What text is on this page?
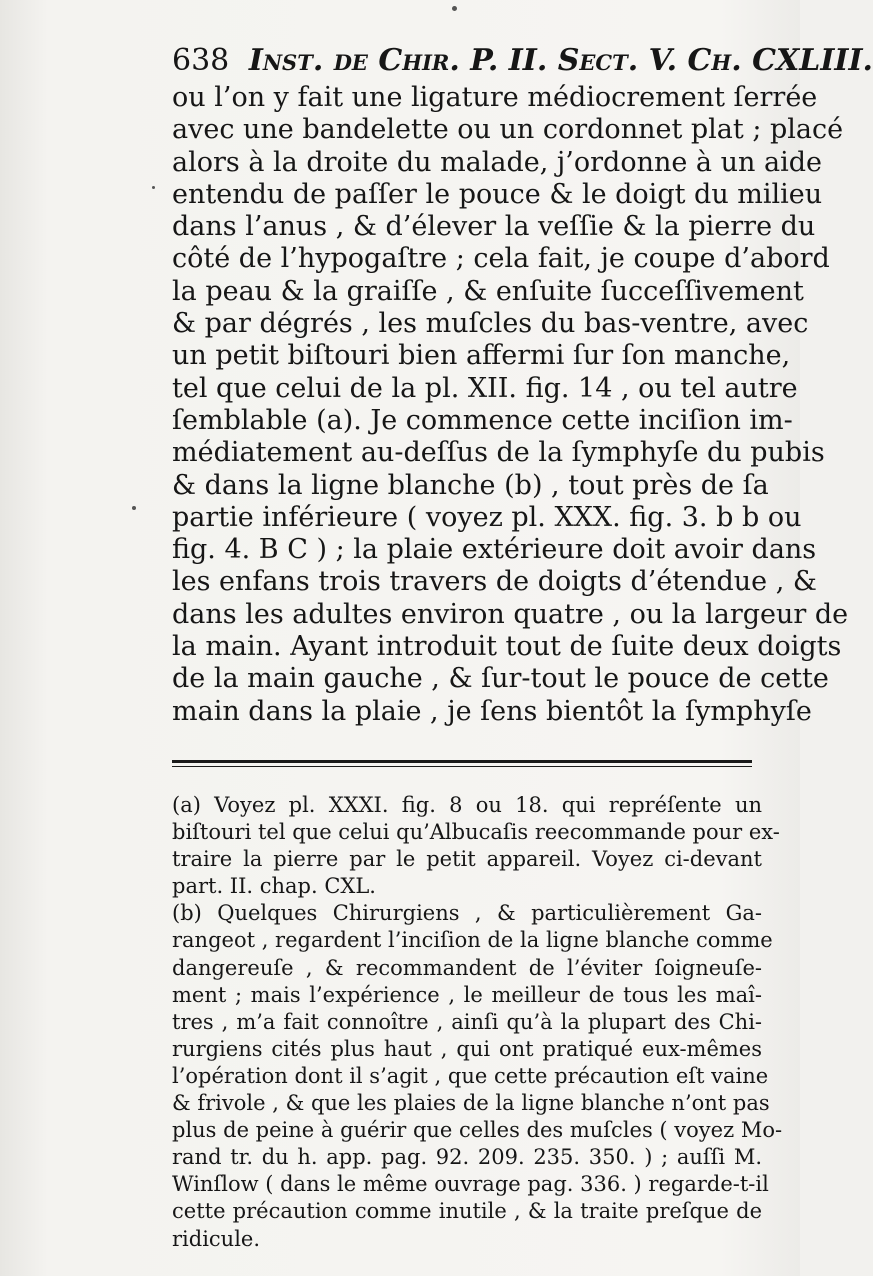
638 Inst. de Chir. P. II. Sect. V. Ch. CXLIII.
ou l’on y fait une ligature médiocrement ſerrée
avec une bandelette ou un cordonnet plat ; placé
alors à la droite du malade, j’ordonne à un aide
entendu de paſſer le pouce & le doigt du milieu
dans l’anus , & d’élever la veſſie & la pierre du
côté de l’hypogaſtre ; cela fait, je coupe d’abord
la peau & la graiſſe , & enſuite ſucceſſivement
& par dégrés , les muſcles du bas-ventre, avec
un petit biſtouri bien affermi ſur ſon manche,
tel que celui de la pl. XII. fig. 14 , ou tel autre
ſemblable (a). Je commence cette inciſion im-
médiatement au-deſſus de la ſymphyſe du pubis
& dans la ligne blanche (b) , tout près de ſa
partie inférieure ( voyez pl. XXX. fig. 3. b b ou
fig. 4. B C ) ; la plaie extérieure doit avoir dans
les enfans trois travers de doigts d’étendue , &
dans les adultes environ quatre , ou la largeur de
la main. Ayant introduit tout de ſuite deux doigts
de la main gauche , & ſur-tout le pouce de cette
main dans la plaie , je ſens bientôt la ſymphyſe
(a) Voyez pl. XXXI. fig. 8 ou 18. qui repréſente un
biſtouri tel que celui qu’Albucaſis reecommande pour ex-
traire la pierre par le petit appareil. Voyez ci-devant
part. II. chap. CXL.
(b) Quelques Chirurgiens , & particulièrement Ga-
rangeot , regardent l’inciſion de la ligne blanche comme
dangereuſe , & recommandent de l’éviter ſoigneuſe-
ment ; mais l’expérience , le meilleur de tous les maî-
tres , m’a fait connoître , ainſi qu’à la plupart des Chi-
rurgiens cités plus haut , qui ont pratiqué eux-mêmes
l’opération dont il s’agit , que cette précaution eſt vaine
& frivole , & que les plaies de la ligne blanche n’ont pas
plus de peine à guérir que celles des muſcles ( voyez Mo-
rand tr. du h. app. pag. 92. 209. 235. 350. ) ; auſſi M.
Winſlow ( dans le même ouvrage pag. 336. ) regarde-t-il
cette précaution comme inutile , & la traite preſque de
ridicule.
